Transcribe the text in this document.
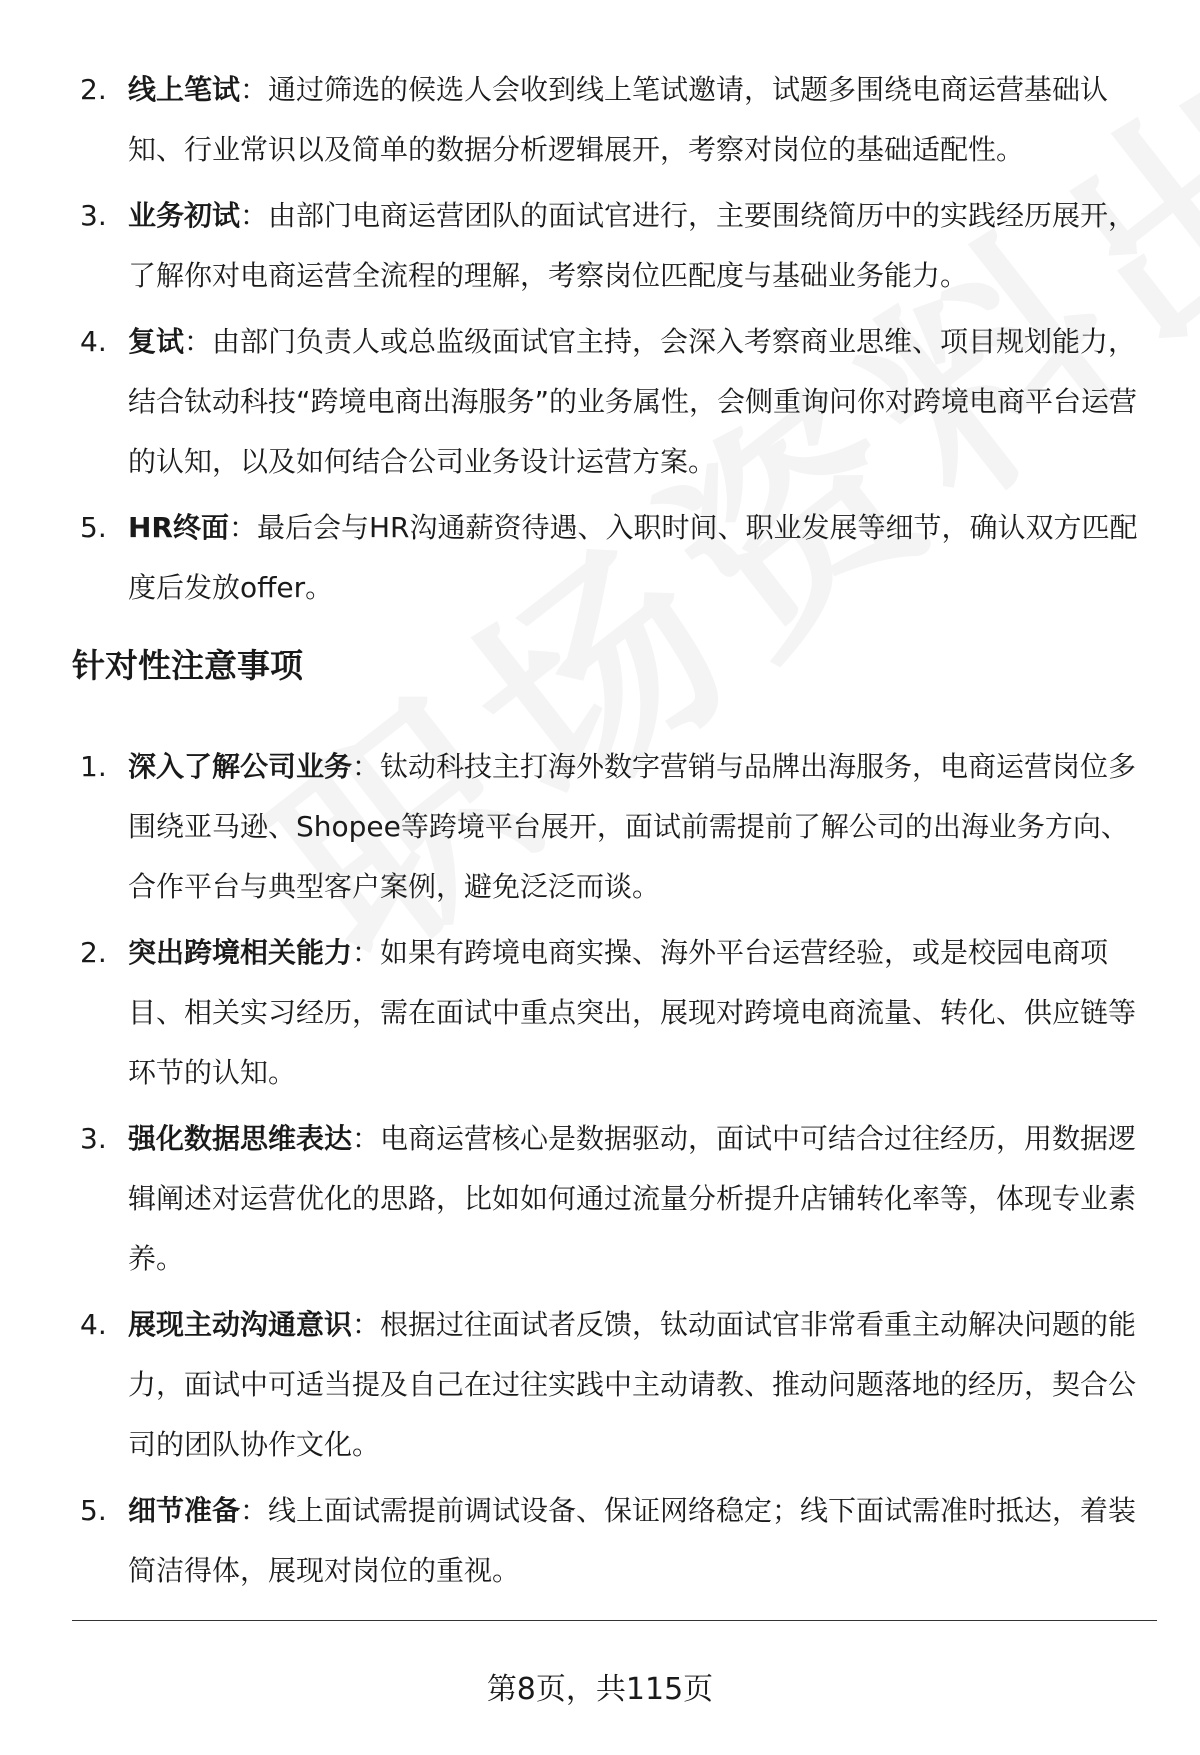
2. 线上笔试：通过筛选的候选人会收到线上笔试邀请，试题多围绕电商运营基础认知、行业常识以及简单的数据分析逻辑展开，考察对岗位的基础适配性。
3. 业务初试：由部门电商运营团队的面试官进行，主要围绕简历中的实践经历展开，了解你对电商运营全流程的理解，考察岗位匹配度与基础业务能力。
4. 复试：由部门负责人或总监级面试官主持，会深入考察商业思维、项目规划能力，结合钛动科技“跨境电商出海服务”的业务属性，会侧重询问你对跨境电商平台运营的认知，以及如何结合公司业务设计运营方案。
5. HR终面：最后会与HR沟通薪资待遇、入职时间、职业发展等细节，确认双方匹配度后发放offer。
针对性注意事项
1. 深入了解公司业务：钛动科技主打海外数字营销与品牌出海服务，电商运营岗位多围绕亚马逊、Shopee等跨境平台展开，面试前需提前了解公司的出海业务方向、合作平台与典型客户案例，避免泛泛而谈。
2. 突出跨境相关能力：如果有跨境电商实操、海外平台运营经验，或是校园电商项目、相关实习经历，需在面试中重点突出，展现对跨境电商流量、转化、供应链等环节的认知。
3. 强化数据思维表达：电商运营核心是数据驱动，面试中可结合过往经历，用数据逻辑阐述对运营优化的思路，比如如何通过流量分析提升店铺转化率等，体现专业素养。
4. 展现主动沟通意识：根据过往面试者反馈，钛动面试官非常看重主动解决问题的能力，面试中可适当提及自己在过往实践中主动请教、推动问题落地的经历，契合公司的团队协作文化。
5. 细节准备：线上面试需提前调试设备、保证网络稳定；线下面试需准时抵达，着装简洁得体，展现对岗位的重视。
第8页，共115页
